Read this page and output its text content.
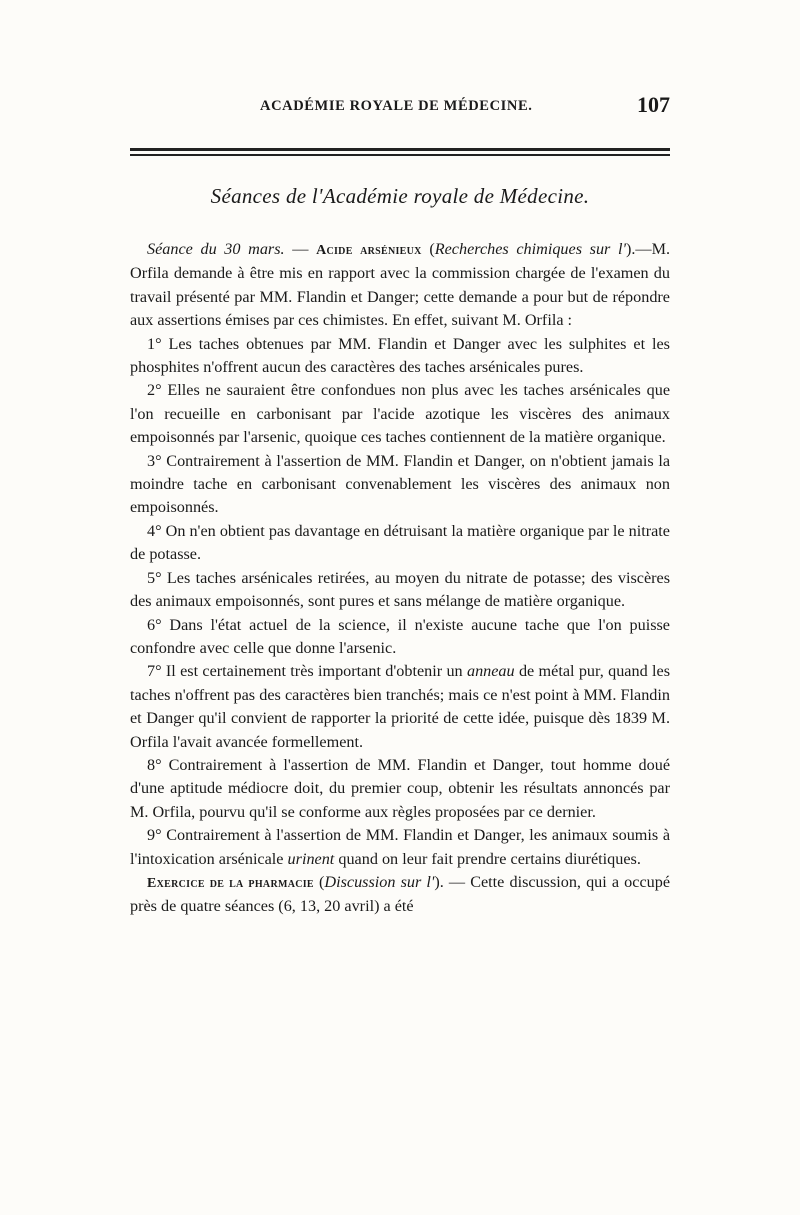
ACADÉMIE ROYALE DE MÉDECINE.	107
Séances de l'Académie royale de Médecine.

Séance du 30 mars. — Acide arsénieux (Recherches chimiques sur l').—M. Orfila demande à être mis en rapport avec la commission chargée de l'examen du travail présenté par MM. Flandin et Danger; cette demande a pour but de répondre aux assertions émises par ces chimistes. En effet, suivant M. Orfila :

1° Les taches obtenues par MM. Flandin et Danger avec les sulphites et les phosphites n'offrent aucun des caractères des taches arsénicales pures.

2° Elles ne sauraient être confondues non plus avec les taches arsénicales que l'on recueille en carbonisant par l'acide azotique les viscères des animaux empoisonnés par l'arsenic, quoique ces taches contiennent de la matière organique.

3° Contrairement à l'assertion de MM. Flandin et Danger, on n'obtient jamais la moindre tache en carbonisant convenablement les viscères des animaux non empoisonnés.

4° On n'en obtient pas davantage en détruisant la matière organique par le nitrate de potasse.

5° Les taches arsénicales retirées, au moyen du nitrate de potasse; des viscères des animaux empoisonnés, sont pures et sans mélange de matière organique.

6° Dans l'état actuel de la science, il n'existe aucune tache que l'on puisse confondre avec celle que donne l'arsenic.

7° Il est certainement très important d'obtenir un anneau de métal pur, quand les taches n'offrent pas des caractères bien tranchés; mais ce n'est point à MM. Flandin et Danger qu'il convient de rapporter la priorité de cette idée, puisque dès 1839 M. Orfila l'avait avancée formellement.

8° Contrairement à l'assertion de MM. Flandin et Danger, tout homme doué d'une aptitude médiocre doit, du premier coup, obtenir les résultats annoncés par M. Orfila, pourvu qu'il se conforme aux règles proposées par ce dernier.

9° Contrairement à l'assertion de MM. Flandin et Danger, les animaux soumis à l'intoxication arsénicale urinent quand on leur fait prendre certains diurétiques.

Exercice de la pharmacie (Discussion sur l'). — Cette discussion, qui a occupé près de quatre séances (6, 13, 20 avril) a été
